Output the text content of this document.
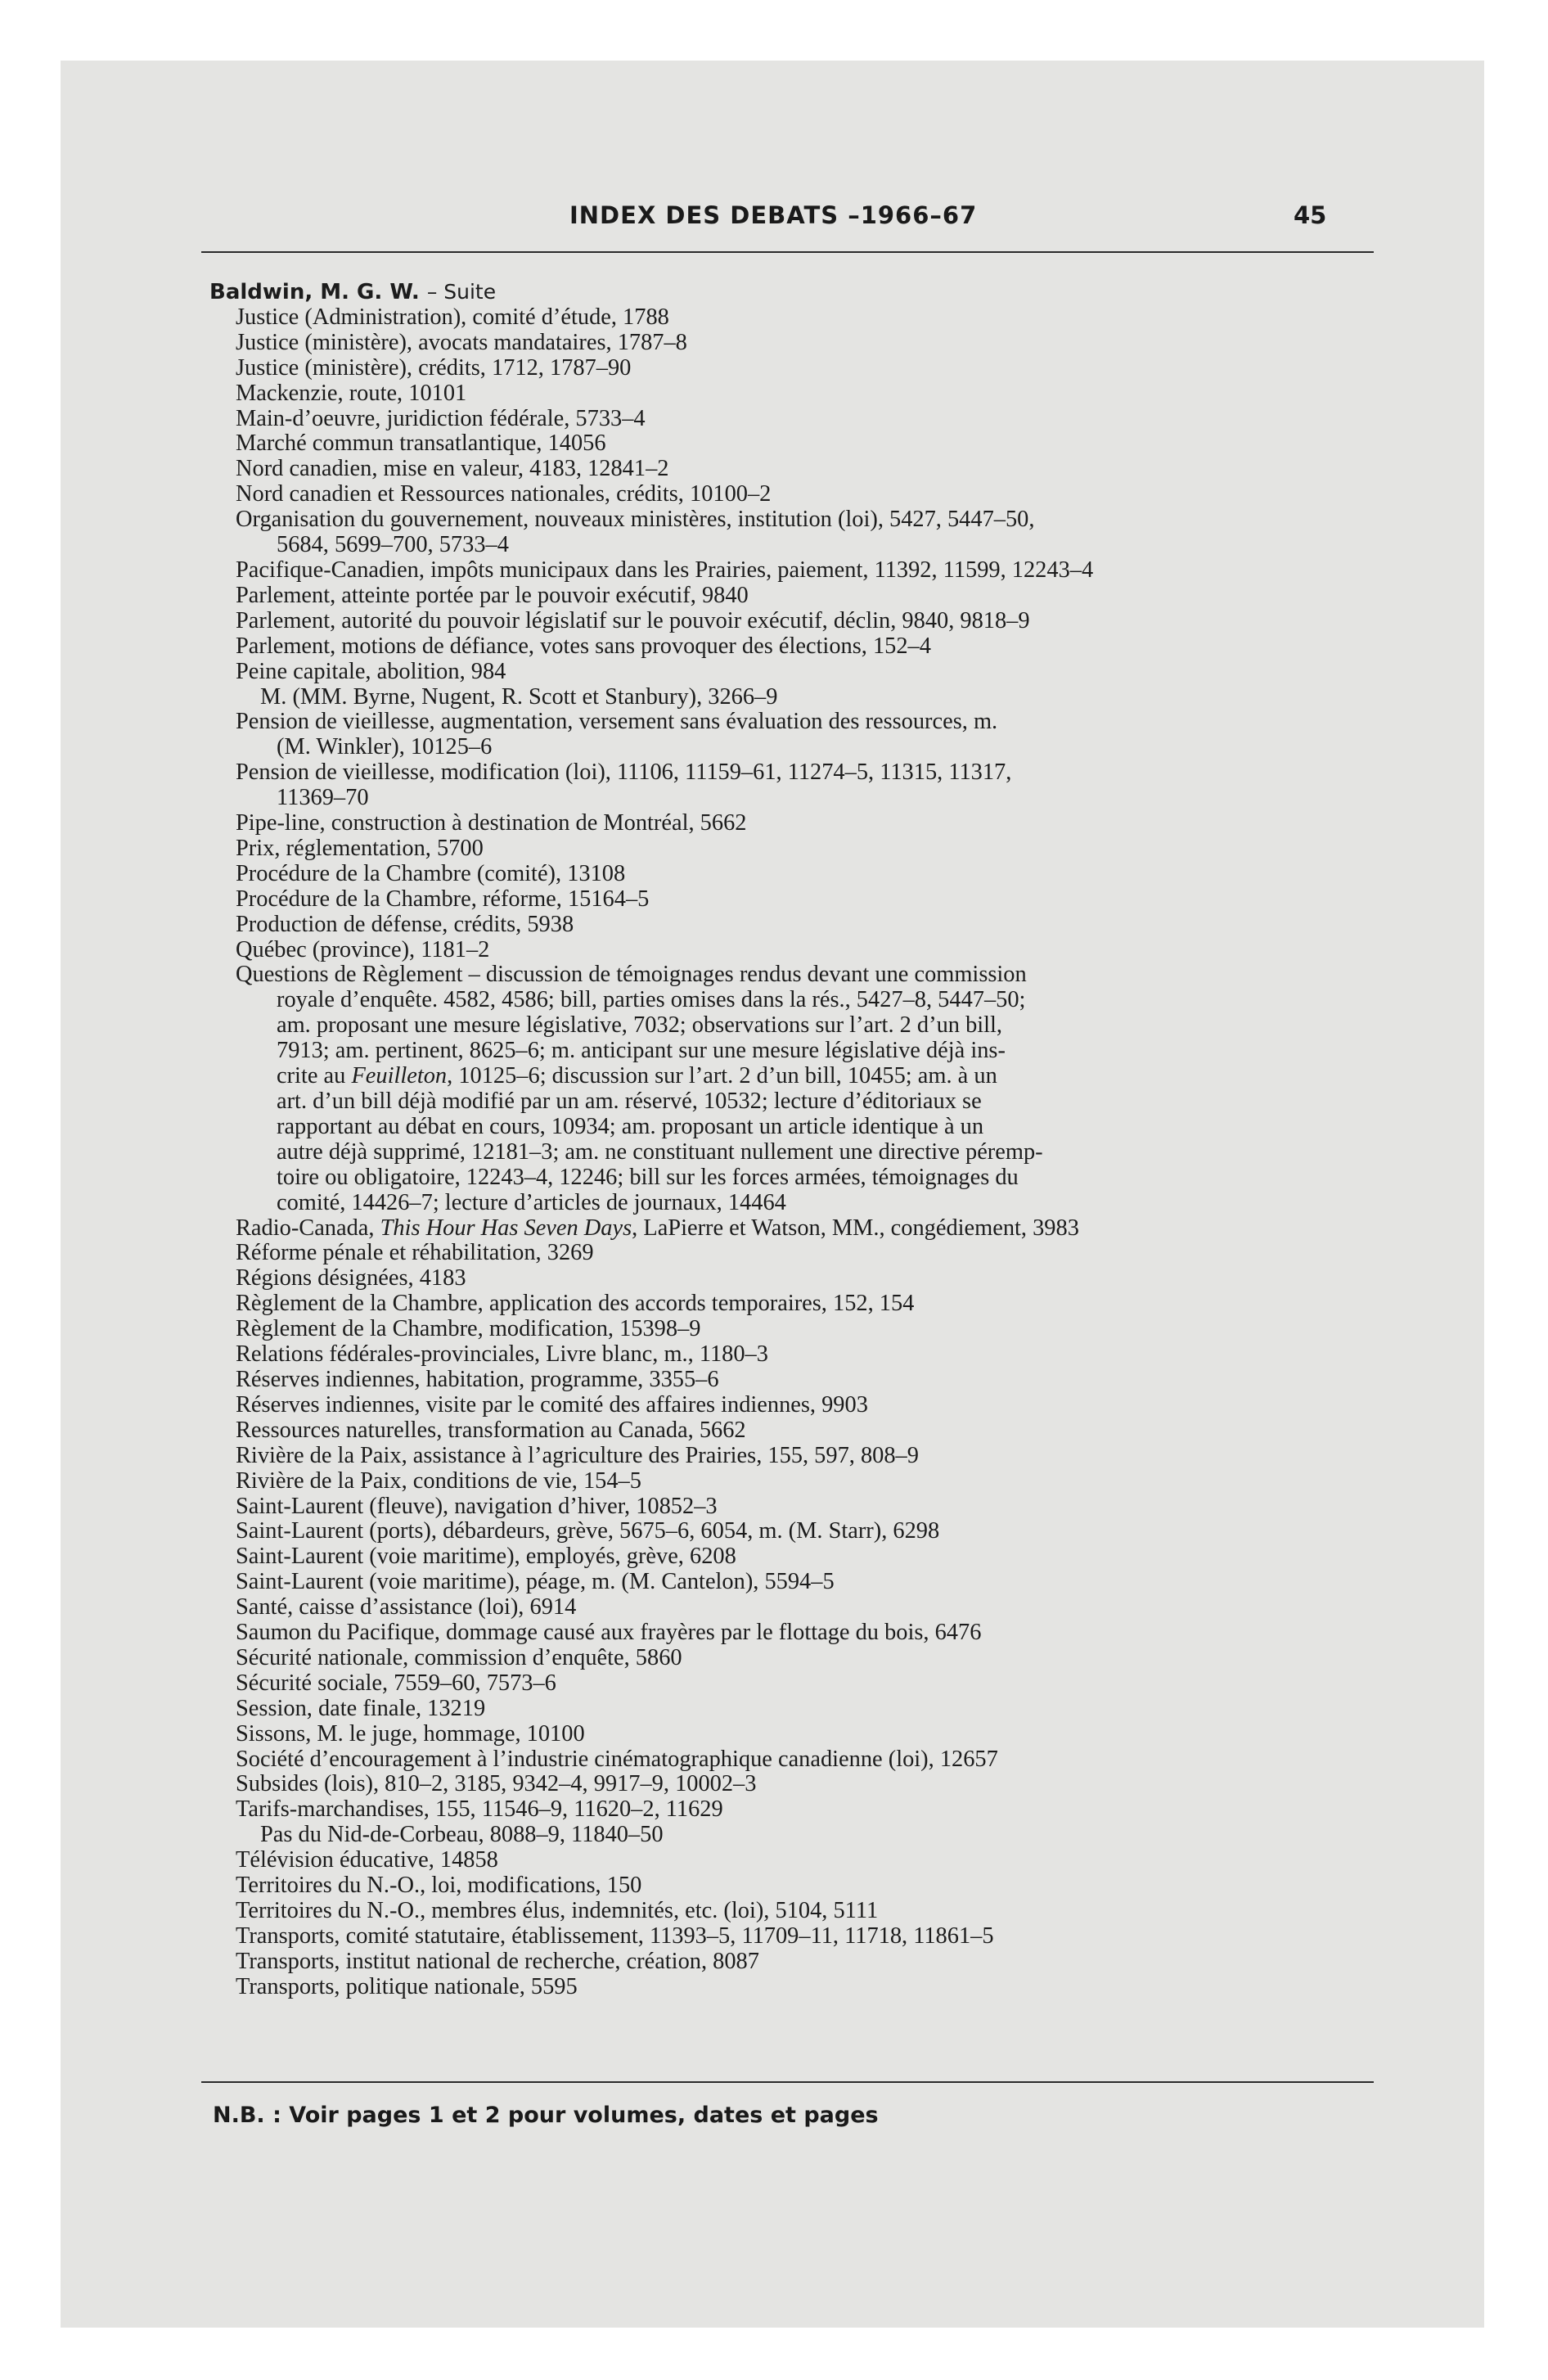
INDEX DES DEBATS –1966–67	45
Baldwin, M. G. W. – Suite
Justice (Administration), comité d’étude, 1788
Justice (ministère), avocats mandataires, 1787–8
Justice (ministère), crédits, 1712, 1787–90
Mackenzie, route, 10101
Main-d’oeuvre, juridiction fédérale, 5733–4
Marché commun transatlantique, 14056
Nord canadien, mise en valeur, 4183, 12841–2
Nord canadien et Ressources nationales, crédits, 10100–2
Organisation du gouvernement, nouveaux ministères, institution (loi), 5427, 5447–50,
5684, 5699–700, 5733–4
Pacifique-Canadien, impôts municipaux dans les Prairies, paiement, 11392, 11599, 12243–4
Parlement, atteinte portée par le pouvoir exécutif, 9840
Parlement, autorité du pouvoir législatif sur le pouvoir exécutif, déclin, 9840, 9818–9
Parlement, motions de défiance, votes sans provoquer des élections, 152–4
Peine capitale, abolition, 984
M. (MM. Byrne, Nugent, R. Scott et Stanbury), 3266–9
Pension de vieillesse, augmentation, versement sans évaluation des ressources, m.
(M. Winkler), 10125–6
Pension de vieillesse, modification (loi), 11106, 11159–61, 11274–5, 11315, 11317,
11369–70
Pipe-line, construction à destination de Montréal, 5662
Prix, réglementation, 5700
Procédure de la Chambre (comité), 13108
Procédure de la Chambre, réforme, 15164–5
Production de défense, crédits, 5938
Québec (province), 1181–2
Questions de Règlement – discussion de témoignages rendus devant une commission
royale d’enquête. 4582, 4586; bill, parties omises dans la rés., 5427–8, 5447–50;
am. proposant une mesure législative, 7032; observations sur l’art. 2 d’un bill,
7913; am. pertinent, 8625–6; m. anticipant sur une mesure législative déjà ins-
crite au Feuilleton, 10125–6; discussion sur l’art. 2 d’un bill, 10455; am. à un
art. d’un bill déjà modifié par un am. réservé, 10532; lecture d’éditoriaux se
rapportant au débat en cours, 10934; am. proposant un article identique à un
autre déjà supprimé, 12181–3; am. ne constituant nullement une directive péremp-
toire ou obligatoire, 12243–4, 12246; bill sur les forces armées, témoignages du
comité, 14426–7; lecture d’articles de journaux, 14464
Radio-Canada, This Hour Has Seven Days, LaPierre et Watson, MM., congédiement, 3983
Réforme pénale et réhabilitation, 3269
Régions désignées, 4183
Règlement de la Chambre, application des accords temporaires, 152, 154
Règlement de la Chambre, modification, 15398–9
Relations fédérales-provinciales, Livre blanc, m., 1180–3
Réserves indiennes, habitation, programme, 3355–6
Réserves indiennes, visite par le comité des affaires indiennes, 9903
Ressources naturelles, transformation au Canada, 5662
Rivière de la Paix, assistance à l’agriculture des Prairies, 155, 597, 808–9
Rivière de la Paix, conditions de vie, 154–5
Saint-Laurent (fleuve), navigation d’hiver, 10852–3
Saint-Laurent (ports), débardeurs, grève, 5675–6, 6054, m. (M. Starr), 6298
Saint-Laurent (voie maritime), employés, grève, 6208
Saint-Laurent (voie maritime), péage, m. (M. Cantelon), 5594–5
Santé, caisse d’assistance (loi), 6914
Saumon du Pacifique, dommage causé aux frayères par le flottage du bois, 6476
Sécurité nationale, commission d’enquête, 5860
Sécurité sociale, 7559–60, 7573–6
Session, date finale, 13219
Sissons, M. le juge, hommage, 10100
Société d’encouragement à l’industrie cinématographique canadienne (loi), 12657
Subsides (lois), 810–2, 3185, 9342–4, 9917–9, 10002–3
Tarifs-marchandises, 155, 11546–9, 11620–2, 11629
Pas du Nid-de-Corbeau, 8088–9, 11840–50
Télévision éducative, 14858
Territoires du N.-O., loi, modifications, 150
Territoires du N.-O., membres élus, indemnités, etc. (loi), 5104, 5111
Transports, comité statutaire, établissement, 11393–5, 11709–11, 11718, 11861–5
Transports, institut national de recherche, création, 8087
Transports, politique nationale, 5595
N.B. : Voir pages 1 et 2 pour volumes, dates et pages
